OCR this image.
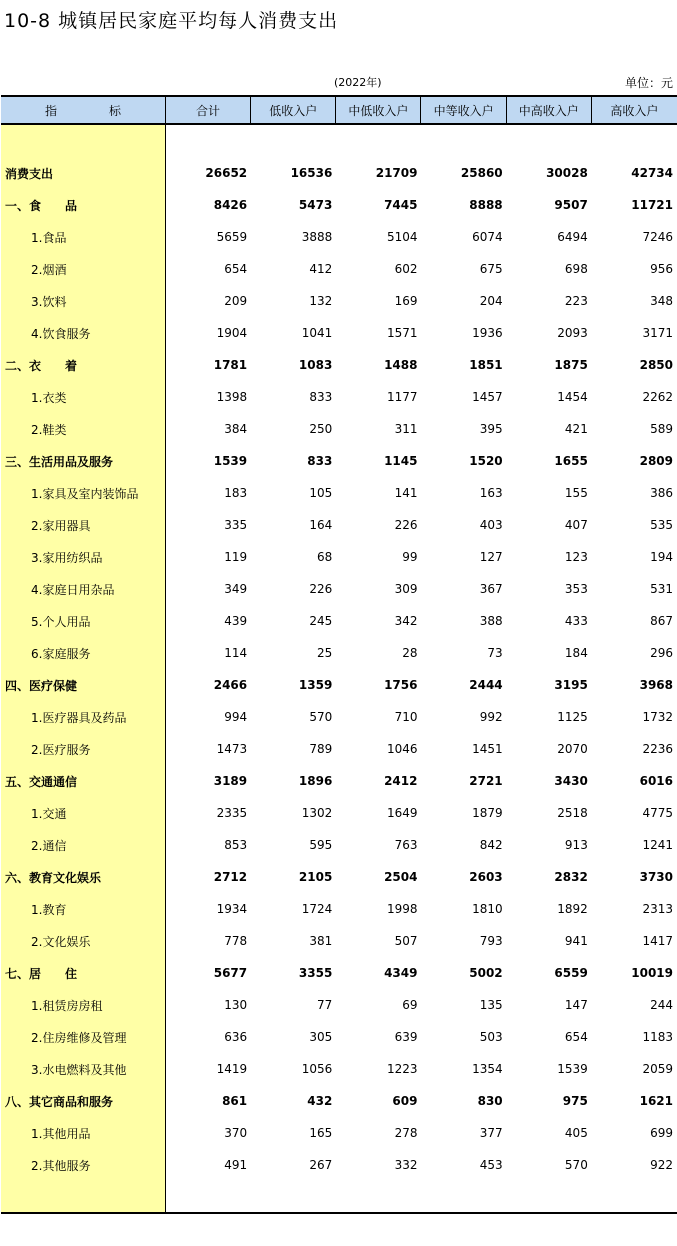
10-8 城镇居民家庭平均每人消费支出
(2022年)	单位：元
指　标	合计	低收入户	中低收入户	中等收入户	中高收入户	高收入户
消费支出	26652	16536	21709	25860	30028	42734
一、食　　品	8426	5473	7445	8888	9507	11721
1.食品	5659	3888	5104	6074	6494	7246
2.烟酒	654	412	602	675	698	956
3.饮料	209	132	169	204	223	348
4.饮食服务	1904	1041	1571	1936	2093	3171
二、衣　　着	1781	1083	1488	1851	1875	2850
1.衣类	1398	833	1177	1457	1454	2262
2.鞋类	384	250	311	395	421	589
三、生活用品及服务	1539	833	1145	1520	1655	2809
1.家具及室内装饰品	183	105	141	163	155	386
2.家用器具	335	164	226	403	407	535
3.家用纺织品	119	68	99	127	123	194
4.家庭日用杂品	349	226	309	367	353	531
5.个人用品	439	245	342	388	433	867
6.家庭服务	114	25	28	73	184	296
四、医疗保健	2466	1359	1756	2444	3195	3968
1.医疗器具及药品	994	570	710	992	1125	1732
2.医疗服务	1473	789	1046	1451	2070	2236
五、交通通信	3189	1896	2412	2721	3430	6016
1.交通	2335	1302	1649	1879	2518	4775
2.通信	853	595	763	842	913	1241
六、教育文化娱乐	2712	2105	2504	2603	2832	3730
1.教育	1934	1724	1998	1810	1892	2313
2.文化娱乐	778	381	507	793	941	1417
七、居　　住	5677	3355	4349	5002	6559	10019
1.租赁房房租	130	77	69	135	147	244
2.住房维修及管理	636	305	639	503	654	1183
3.水电燃料及其他	1419	1056	1223	1354	1539	2059
八、其它商品和服务	861	432	609	830	975	1621
1.其他用品	370	165	278	377	405	699
2.其他服务	491	267	332	453	570	922
